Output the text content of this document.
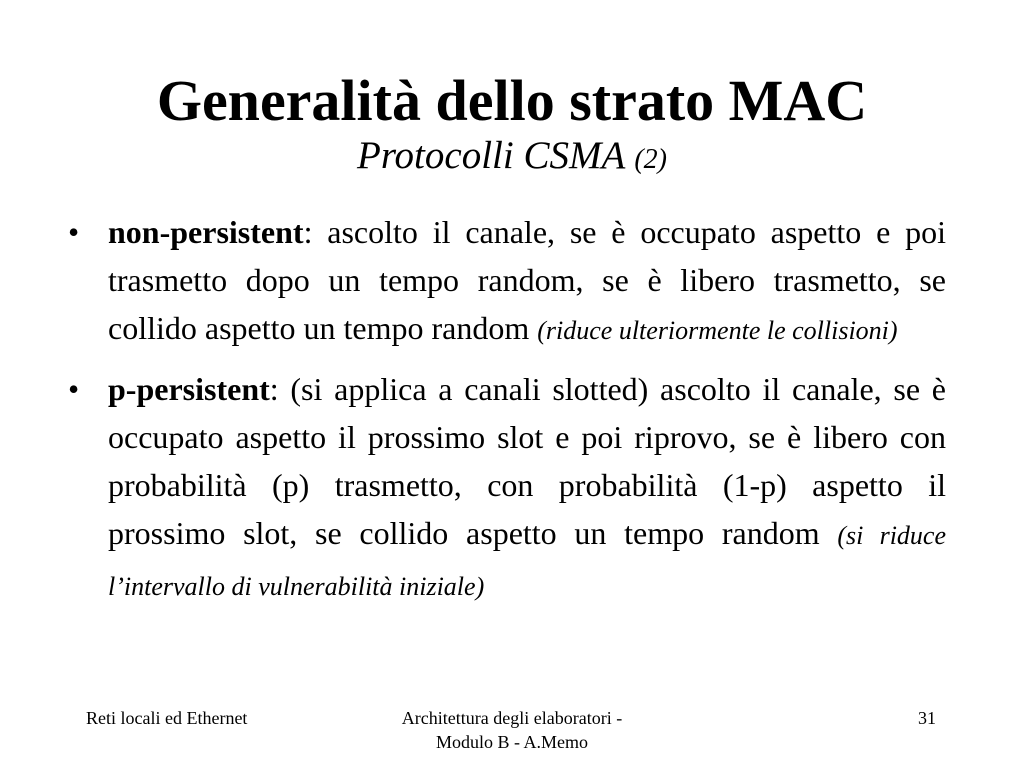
Generalità dello strato MAC

Protocolli CSMA (2)

• non-persistent: ascolto il canale, se è occupato aspetto e poi trasmetto dopo un tempo random, se è libero trasmetto, se collido aspetto un tempo random (riduce ulteriormente le collisioni)
• p-persistent: (si applica a canali slotted) ascolto il canale, se è occupato aspetto il prossimo slot e poi riprovo, se è libero con probabilità (p) trasmetto, con probabilità (1-p) aspetto il prossimo slot, se collido aspetto un tempo random (si riduce l’intervallo di vulnerabilità iniziale)
Reti locali ed Ethernet	Architettura degli elaboratori -
Modulo B - A.Memo
31
